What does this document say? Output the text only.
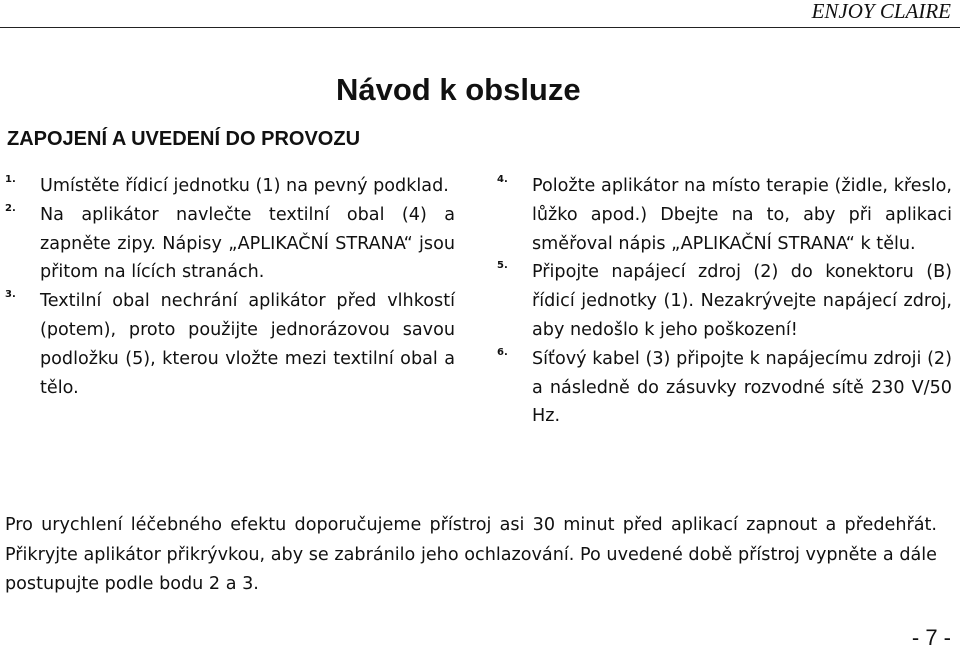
ENJOY CLAIRE
Návod k obsluze
ZAPOJENÍ A UVEDENÍ DO PROVOZU
1. Umístěte řídicí jednotku (1) na pevný podklad.

2. Na aplikátor navlečte textilní obal (4) a zapněte zipy. Nápisy „APLIKAČNÍ STRANA“ jsou přitom na lících stranách.

3. Textilní obal nechrání aplikátor před vlhkostí (potem), proto použijte jednorázovou savou podložku (5), kterou vložte mezi textilní obal a tělo.

4. Položte aplikátor na místo terapie (židle, křeslo, lůžko apod.) Dbejte na to, aby při aplikaci směřoval nápis „APLIKAČNÍ STRANA“ k tělu.

5. Připojte napájecí zdroj (2) do konektoru (B) řídicí jednotky (1). Nezakrývejte napájecí zdroj, aby nedošlo k jeho poškození!

6. Síťový kabel (3) připojte k napájecímu zdroji (2) a následně do zásuvky rozvodné sítě 230 V/50 Hz.

Pro urychlení léčebného efektu doporučujeme přístroj asi 30 minut před aplikací zapnout a předehřát. Přikryjte aplikátor přikrývkou, aby se zabránilo jeho ochlazování. Po uvedené době přístroj vypněte a dále postupujte podle bodu 2 a 3.

- 7 -
